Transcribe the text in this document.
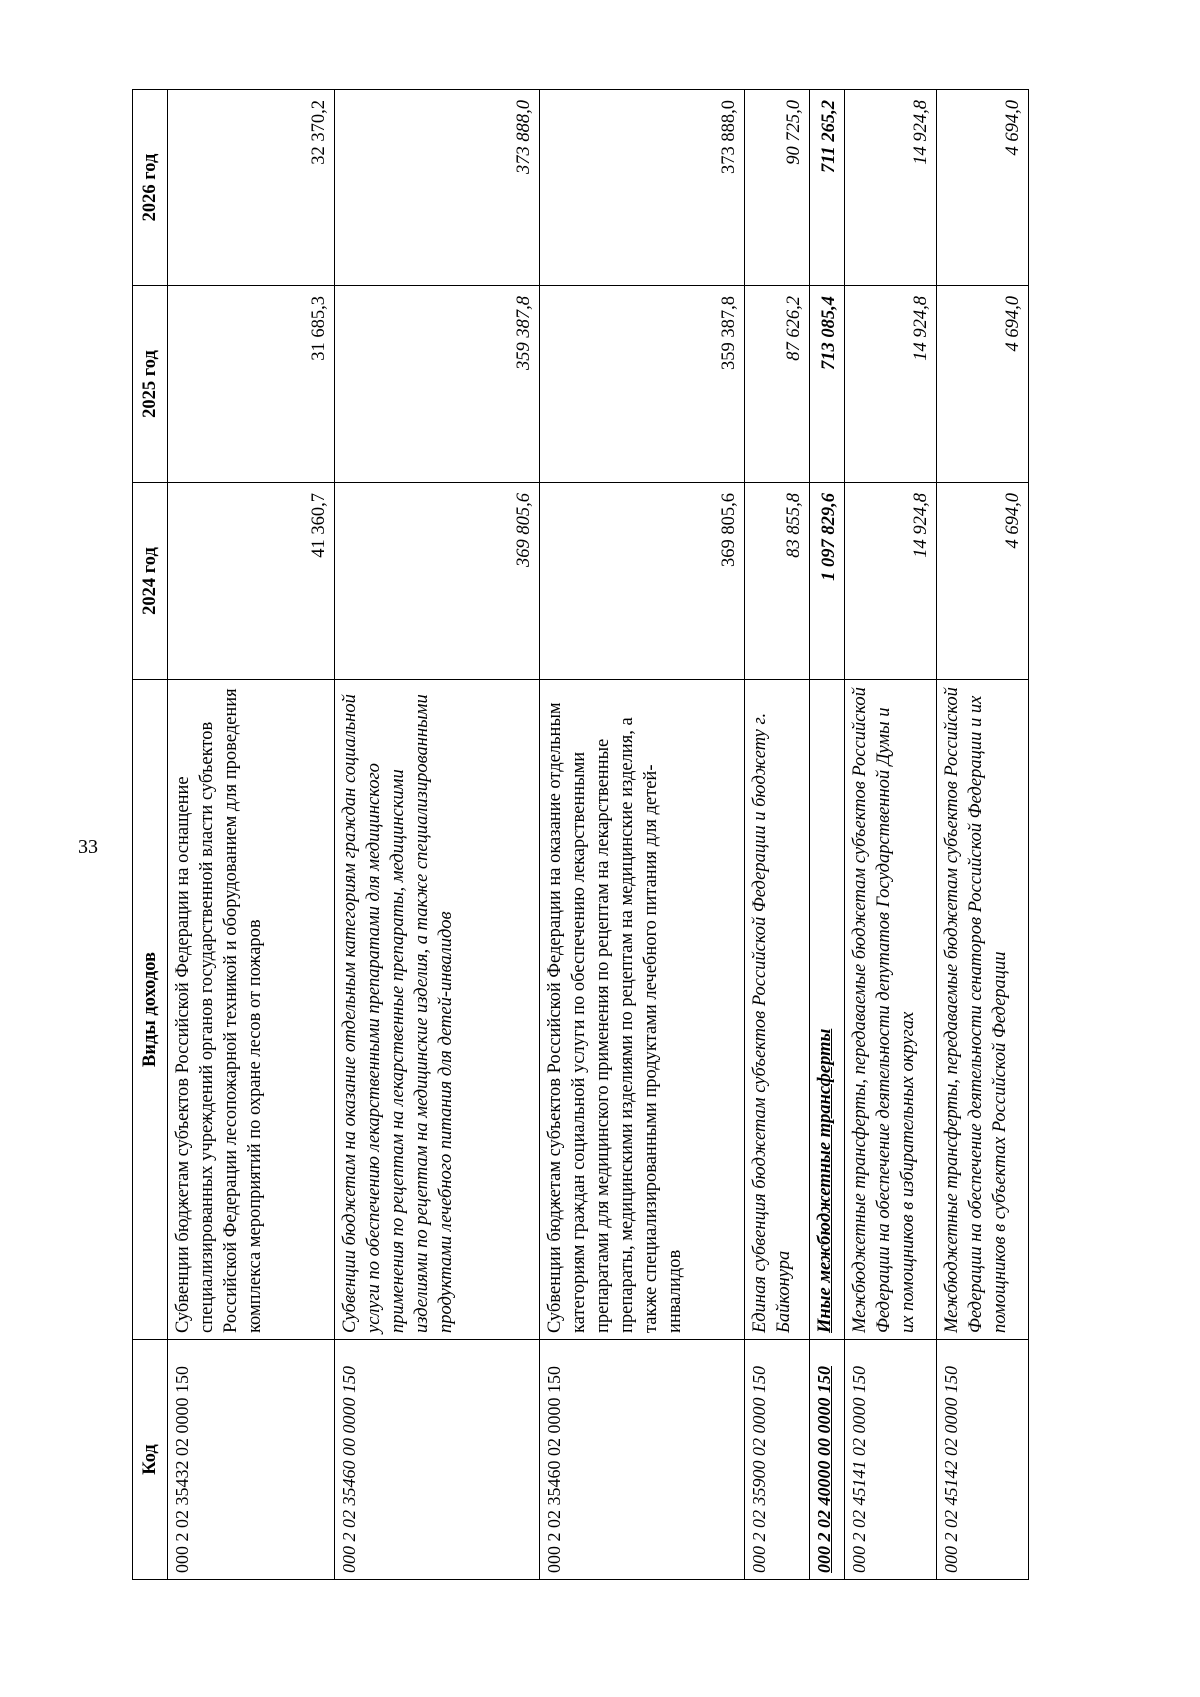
33
Код	Виды доходов	2024 год	2025 год	2026 год
000 2 02 35432 02 0000 150	Субвенции бюджетам субъектов Российской Федерации на оснащение специализированных учреждений органов государственной власти субъектов Российской Федерации лесопожарной техникой и оборудованием для проведения комплекса мероприятий по охране лесов от пожаров	41 360,7	31 685,3	32 370,2
000 2 02 35460 00 0000 150	Субвенции бюджетам на оказание отдельным категориям граждан социальной услуги по обеспечению лекарственными препаратами для медицинского применения по рецептам на лекарственные препараты, медицинскими изделиями по рецептам на медицинские изделия, а также специализированными продуктами лечебного питания для детей-инвалидов	369 805,6	359 387,8	373 888,0
000 2 02 35460 02 0000 150	Субвенции бюджетам субъектов Российской Федерации на оказание отдельным категориям граждан социальной услуги по обеспечению лекарственными препаратами для медицинского применения по рецептам на лекарственные препараты, медицинскими изделиями по рецептам на медицинские изделия, а также специализированными продуктами лечебного питания для детей-инвалидов	369 805,6	359 387,8	373 888,0
000 2 02 35900 02 0000 150	Единая субвенция бюджетам субъектов Российской Федерации и бюджету г. Байконура	83 855,8	87 626,2	90 725,0
000 2 02 40000 00 0000 150	Иные межбюджетные трансферты	1 097 829,6	713 085,4	711 265,2
000 2 02 45141 02 0000 150	Межбюджетные трансферты, передаваемые бюджетам субъектов Российской Федерации на обеспечение деятельности депутатов Государственной Думы и их помощников в избирательных округах	14 924,8	14 924,8	14 924,8
000 2 02 45142 02 0000 150	Межбюджетные трансферты, передаваемые бюджетам субъектов Российской Федерации на обеспечение деятельности сенаторов Российской Федерации и их помощников в субъектах Российской Федерации	4 694,0	4 694,0	4 694,0
